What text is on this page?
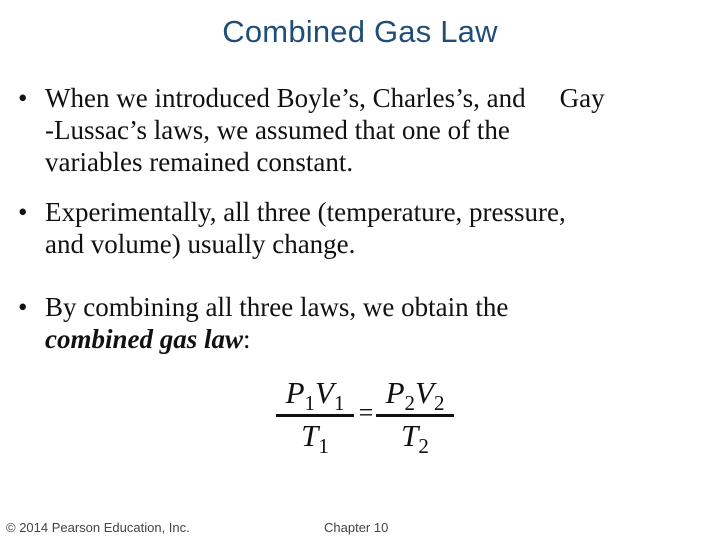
Combined Gas Law
• When we introduced Boyle’s, Charles’s, and Gay
-Lussac’s laws, we assumed that one of the
variables remained constant.
• Experimentally, all three (temperature, pressure,
and volume) usually change.
• By combining all three laws, we obtain the
combined gas law:
$P_1V_1$
$T_1$
=
$P_2V_2$
$T_2$
© 2014 Pearson Education, Inc.	Chapter 10
